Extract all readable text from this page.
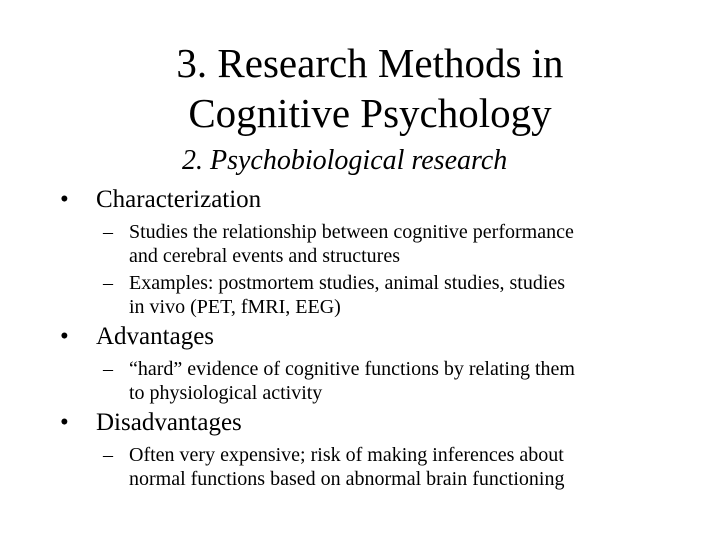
3. Research Methods in
Cognitive Psychology
2. Psychobiological research
• Characterization
– Studies the relationship between cognitive performance
and cerebral events and structures
– Examples: postmortem studies, animal studies, studies
in vivo (PET, fMRI, EEG)
• Advantages
– “hard” evidence of cognitive functions by relating them
to physiological activity
• Disadvantages
– Often very expensive; risk of making inferences about
normal functions based on abnormal brain functioning
